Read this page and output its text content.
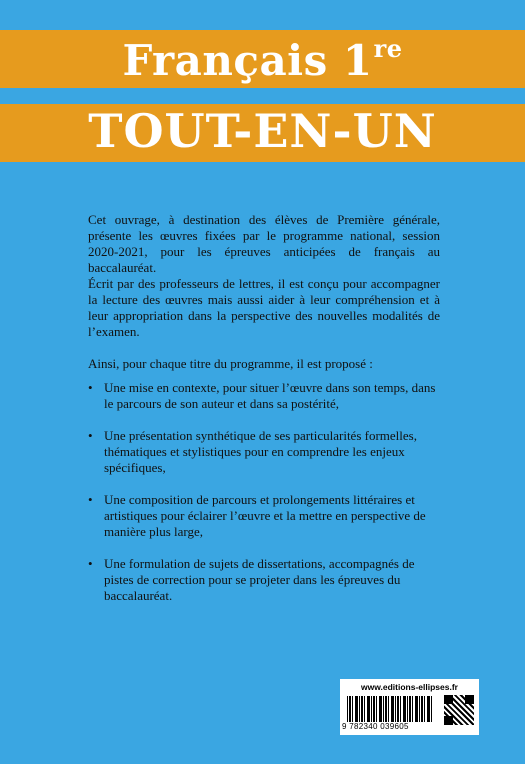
Français 1re
TOUT-EN-UN

Cet ouvrage, à destination des élèves de Première générale, présente les œuvres fixées par le programme national, session 2020-2021, pour les épreuves anticipées de français au baccalauréat.

Écrit par des professeurs de lettres, il est conçu pour accompagner la lecture des œuvres mais aussi aider à leur compréhension et à leur appropriation dans la perspective des nouvelles modalités de l’examen.

Ainsi, pour chaque titre du programme, il est proposé :

• Une mise en contexte, pour situer l’œuvre dans son temps, dans le parcours de son auteur et dans sa postérité,
• Une présentation synthétique de ses particularités formelles, thématiques et stylistiques pour en comprendre les enjeux spécifiques,
• Une composition de parcours et prolongements littéraires et artistiques pour éclairer l’œuvre et la mettre en perspective de manière plus large,
• Une formulation de sujets de dissertations, accompagnés de pistes de correction pour se projeter dans les épreuves du baccalauréat.
www.editions-ellipses.fr
9 782340 039605
